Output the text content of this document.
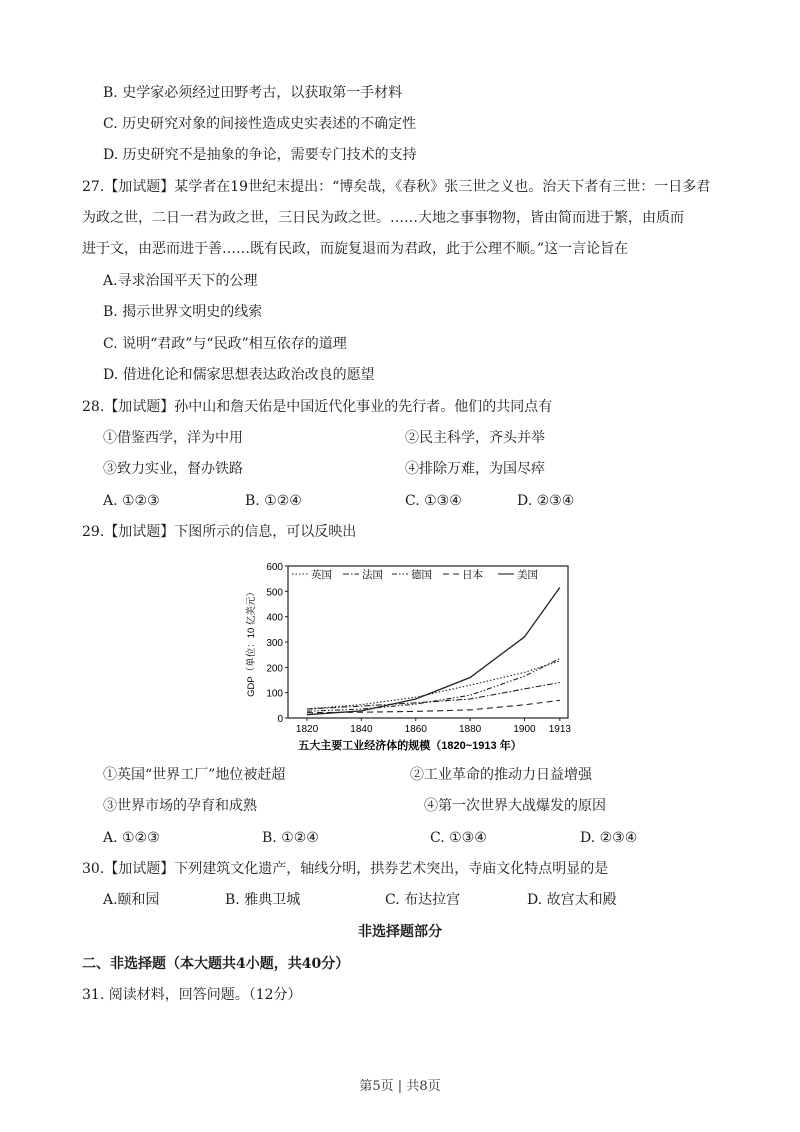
B. 史学家必须经过田野考古，以获取第一手材料
C. 历史研究对象的间接性造成史实表述的不确定性
D. 历史研究不是抽象的争论，需要专门技术的支持
27.【加试题】某学者在19世纪末提出：“博矣哉，《春秋》张三世之义也。治天下者有三世：一日多君
为政之世，二日一君为政之世，三日民为政之世。……大地之事事物物，皆由简而进于繁，由质而
进于文，由恶而进于善……既有民政，而旋复退而为君政，此于公理不顺。”这一言论旨在
A.寻求治国平天下的公理
B. 揭示世界文明史的线索
C. 说明“君政”与“民政”相互依存的道理
D. 借进化论和儒家思想表达政治改良的愿望
28.【加试题】孙中山和詹天佑是中国近代化事业的先行者。他们的共同点有
①借鉴西学，洋为中用	②民主科学，齐头并举
③致力实业，督办铁路	④排除万难，为国尽瘁
A. ①②③	B. ①②④	C. ①③④	D. ②③④
29.【加试题】下图所示的信息，可以反映出
0
100
200
300
400
500
600
1820	1840	1860	1880	1900 1913
GDP（单位：10 亿美元）
英国	法国	德国	日本	美国
五大主要工业经济体的规模（1820~1913 年）
①英国“世界工厂”地位被赶超	②工业革命的推动力日益增强
③世界市场的孕育和成熟	④第一次世界大战爆发的原因
A. ①②③	B. ①②④	C. ①③④	D. ②③④
30.【加试题】下列建筑文化遗产，轴线分明，拱券艺术突出，寺庙文化特点明显的是
A.颐和园	B. 雅典卫城	C. 布达拉宫	D. 故宫太和殿
非选择题部分
二、非选择题（本大题共4小题，共40分）
31. 阅读材料，回答问题。（12分）
第5页 | 共8页
